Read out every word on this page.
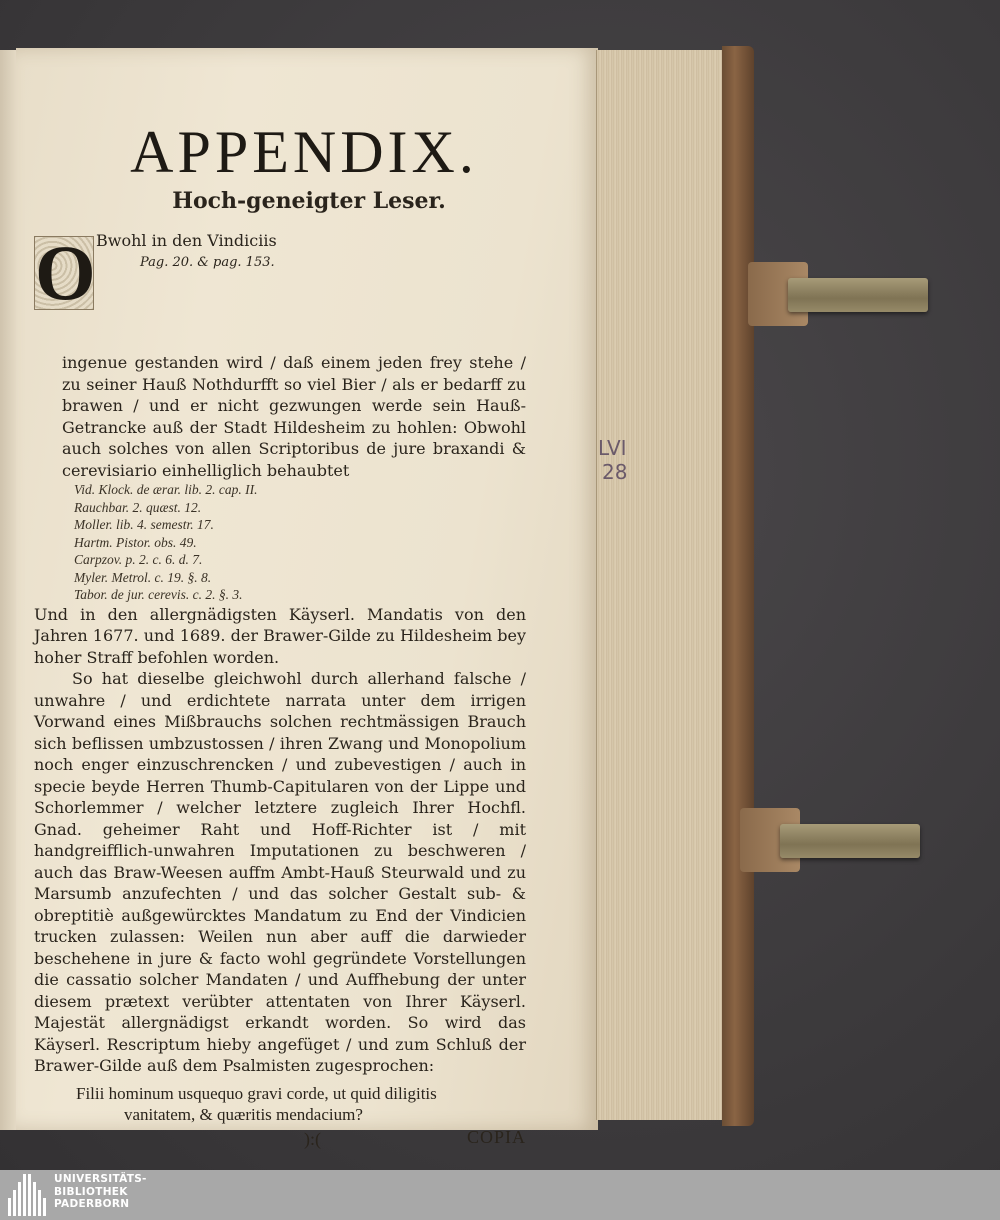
LVI
28
APPENDIX.
Hoch-geneigter Leser.
O Bwohl in den Vindiciis
Pag. 20. & pag. 153.
ingenue gestanden wird / daß einem jeden frey stehe / zu seiner Hauß Nothdurfft so viel Bier / als er bedarff zu brawen / und er nicht gezwungen werde sein Hauß-Getrancke auß der Stadt Hildesheim zu hohlen: Obwohl auch solches von allen Scriptoribus de jure braxandi & cerevisiario einhelliglich behaubtet
Vid. Klock. de ærar. lib. 2. cap. II.
Rauchbar. 2. quæst. 12.
Moller. lib. 4. semestr. 17.
Hartm. Pistor. obs. 49.
Carpzov. p. 2. c. 6. d. 7.
Myler. Metrol. c. 19. §. 8.
Tabor. de jur. cerevis. c. 2. §. 3.
Und in den allergnädigsten Käyserl. Mandatis von den Jahren 1677. und 1689. der Brawer-Gilde zu Hildesheim bey hoher Straff befohlen worden.
So hat dieselbe gleichwohl durch allerhand falsche / unwahre / und erdichtete narrata unter dem irrigen Vorwand eines Mißbrauchs solchen rechtmässigen Brauch sich beflissen umbzustossen / ihren Zwang und Monopolium noch enger einzuschrencken / und zubevestigen / auch in specie beyde Herren Thumb-Capitularen von der Lippe und Schorlemmer / welcher letztere zugleich Ihrer Hochfl. Gnad. geheimer Raht und Hoff-Richter ist / mit handgreifflich-unwahren Imputationen zu beschweren / auch das Braw-Weesen auffm Ambt-Hauß Steurwald und zu Marsumb anzufechten / und das solcher Gestalt sub- & obreptitiè außgewürcktes Mandatum zu End der Vindicien trucken zulassen: Weilen nun aber auff die darwieder beschehene in jure & facto wohl gegründete Vorstellungen die cassatio solcher Mandaten / und Auffhebung der unter diesem prætext verübter attentaten von Ihrer Käyserl. Majestät allergnädigst erkandt worden. So wird das Käyserl. Rescriptum hieby angefüget / und zum Schluß der Brawer-Gilde auß dem Psalmisten zugesprochen:
Filii hominum usquequo gravi corde, ut quid diligitis
vanitatem, & quæritis mendacium?
):(	COPIA
UNIVERSITÄTS-
BIBLIOTHEK
PADERBORN
